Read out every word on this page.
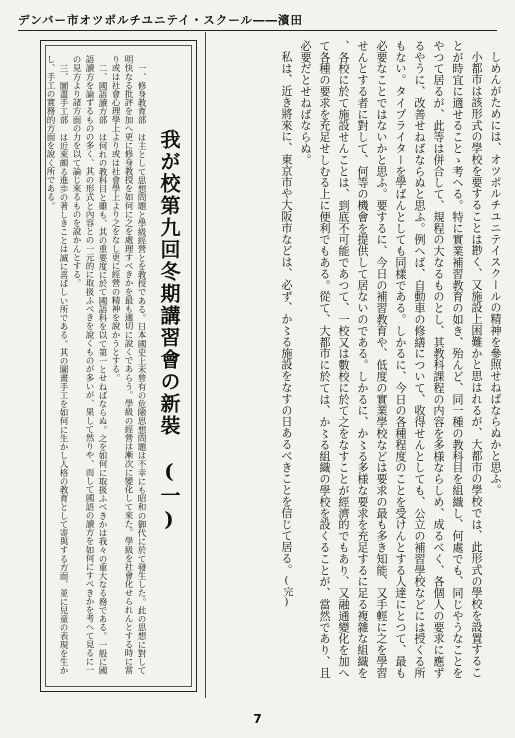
デンバー市オツポルチユニテイ・スクール――濱田

しめんがためには、オツポルチユニテイスクールの精神を參照せねばならぬかと思ふ。

小都市は該形式の學校を要することは尠く、又施設上困難かと思はれるが、大都市の學校では、此形式の學校を設置することが時宜に適せることゝ考へる。特に實業補習教育の如き、殆んど、同一種の教科目を組織し、何處でも、同じやうなことをやつて居るが、此等は併合して、規程の大なるものとし、其教科課程の内容を多様ならしめ、成るべく、各個人の要求に應ずるやうに、改善せねばならぬと思ふ。例へば、自動車の修繕について、收得せんとしても、公立の補習學校などには授くる所もない。タイプライターを學ばんとしても同樣である。しかるに、今日の各種程度のことを受けんとする人達にとつて、最も必要なことではないかと思ふ。要するに、今日の補習教育や、低度の實業學校などは要求の最も多き知能、又手輕に之を學習せんとする者に對して、何等の機會を提供して居ないのである。しかるに、か〻る多様な要求を充足するに足る複雜な組織を、各校に於て施設せんことは、到底不可能であつて、一校又は數校に於て之をなすことが經濟的でもあり、又融通變化を加へて各種の要求を充足せしむる上に便利でもある。從て、大都市に於ては、か〻る組織の學校を設くることが、當然であり、且必要だとせねばならぬ。

私は、近き將來に、東京市や大阪市などは、必ず、か〻る施設をなすの日あるべきことを信じて居る。(完)

我が校第九回冬期講習會の新裝　(一)

一、修身教育部　は主として思想問題と學級經營とを教授である。日本國史上未曾有の危險思想問題は不幸にも昭和の御代に於て發生した。此の思想に對して明快なる批評を加へ更に修身教授を如何に之を處理すべきかを最も適切に說くであらう。學級の經營は漸次に變化して來た。學級を社會化せられんとする時に當り或は社會心理學上より或は社會學上より之をなし更に經營の精神を說かうとする。

二、國語讀方部　は何れの教科目と雖も、其の重要度に於て國語科を以て第一とせねばならぬ。之を如何に取扱ふべきかは我々の重大なる務である。一般に國語讀方を論ずるものの多く、其の形式と內容との一元的に取扱ふべきを說くものが多いが、果して然りや、而して國語の讀方を如何にすべきかを考へて見るに一の見方より諸方面の力を以て論じ來るものを說かんとする。

三、圖畫手工部　は近來頗る進歩の著しきことは誠に喜ばしい所である。其の圖畫手工を如何に生かし人格の教育として寄與する方面、並に兒童の表現を生かし、手工の實務的方面を說く所である。

7
